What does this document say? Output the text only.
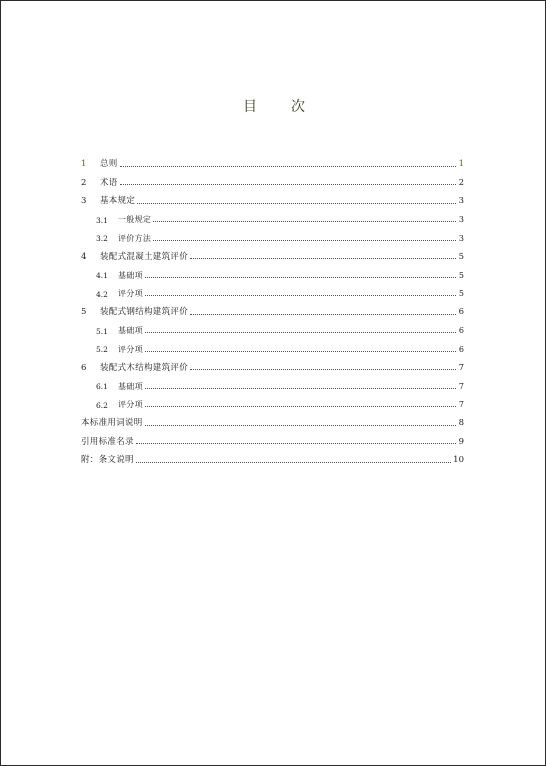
目 次
1	总则	1
2	术语	2
3	基本规定	3
3.1	一般规定	3
3.2	评价方法	3
4	装配式混凝土建筑评价	5
4.1	基础项	5
4.2	评分项	5
5	装配式钢结构建筑评价	6
5.1	基础项	6
5.2	评分项	6
6	装配式木结构建筑评价	7
6.1	基础项	7
6.2	评分项	7
本标准用词说明	8
引用标准名录	9
附：条文说明	10
